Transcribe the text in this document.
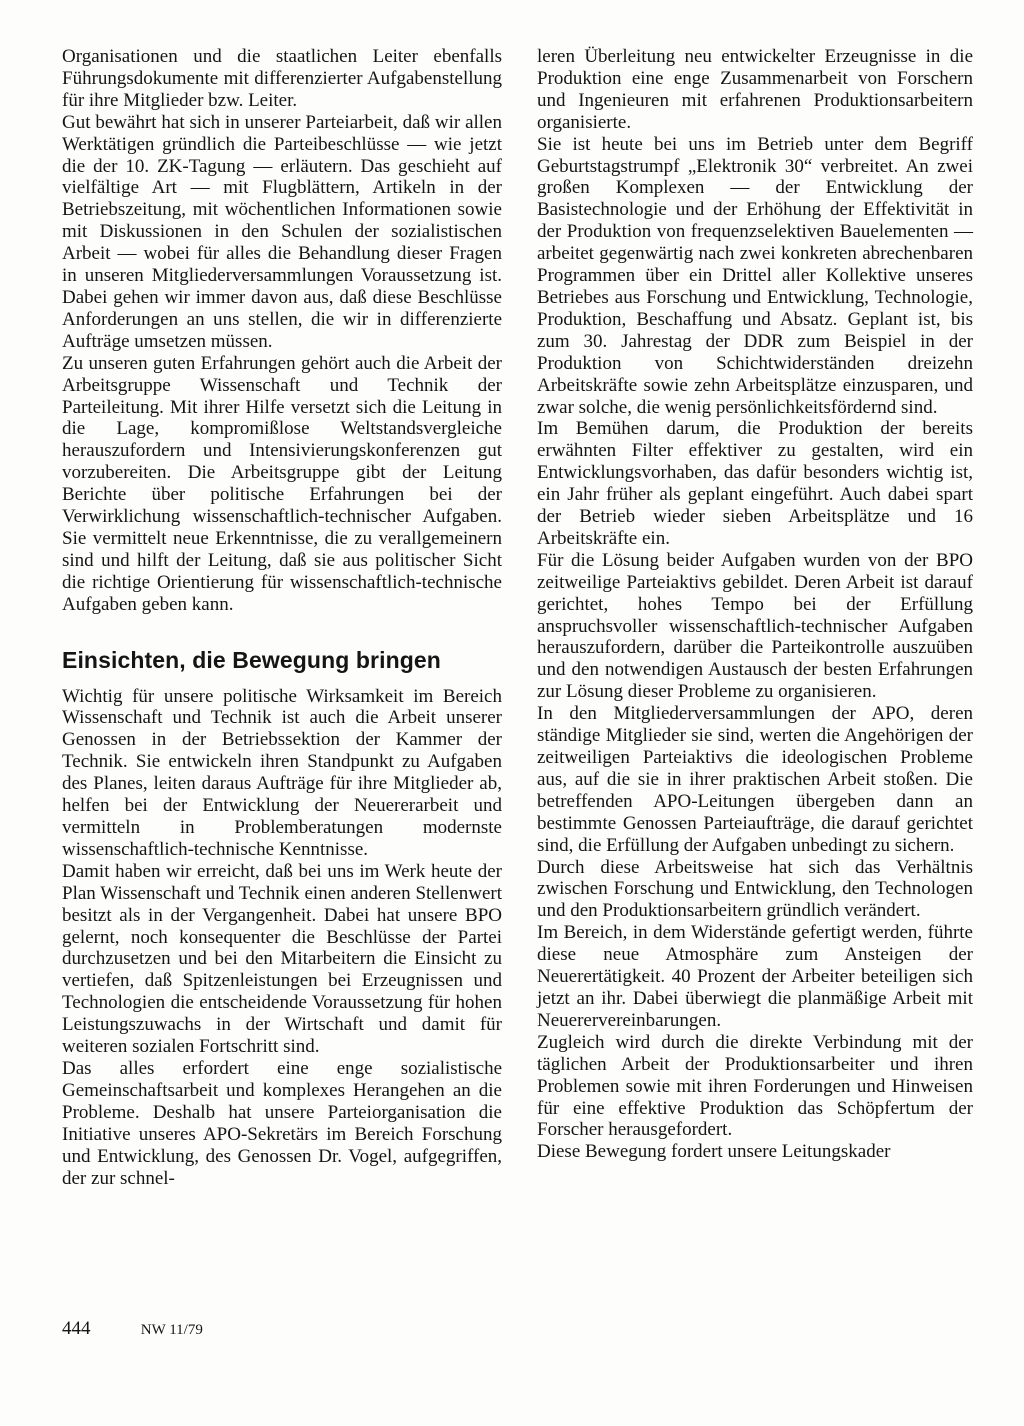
Organisationen und die staatlichen Leiter ebenfalls Führungsdokumente mit differenzierter Aufgabenstellung für ihre Mitglieder bzw. Leiter.

Gut bewährt hat sich in unserer Parteiarbeit, daß wir allen Werktätigen gründlich die Parteibeschlüsse — wie jetzt die der 10. ZK-Tagung — erläutern. Das geschieht auf vielfältige Art — mit Flugblättern, Artikeln in der Betriebszeitung, mit wöchentlichen Informationen sowie mit Diskussionen in den Schulen der sozialistischen Arbeit — wobei für alles die Behandlung dieser Fragen in unseren Mitgliederversammlungen Voraussetzung ist. Dabei gehen wir immer davon aus, daß diese Beschlüsse Anforderungen an uns stellen, die wir in differenzierte Aufträge umsetzen müssen.

Zu unseren guten Erfahrungen gehört auch die Arbeit der Arbeitsgruppe Wissenschaft und Technik der Parteileitung. Mit ihrer Hilfe versetzt sich die Leitung in die Lage, kompromißlose Weltstandsvergleiche herauszufordern und Intensivierungskonferenzen gut vorzubereiten. Die Arbeitsgruppe gibt der Leitung Berichte über politische Erfahrungen bei der Verwirklichung wissenschaftlich-technischer Aufgaben. Sie vermittelt neue Erkenntnisse, die zu verallgemeinern sind und hilft der Leitung, daß sie aus politischer Sicht die richtige Orientierung für wissenschaftlich-technische Aufgaben geben kann.

Einsichten, die Bewegung bringen

Wichtig für unsere politische Wirksamkeit im Bereich Wissenschaft und Technik ist auch die Arbeit unserer Genossen in der Betriebssektion der Kammer der Technik. Sie entwickeln ihren Standpunkt zu Aufgaben des Planes, leiten daraus Aufträge für ihre Mitglieder ab, helfen bei der Entwicklung der Neuererarbeit und vermitteln in Problemberatungen modernste wissenschaftlich-technische Kenntnisse.

Damit haben wir erreicht, daß bei uns im Werk heute der Plan Wissenschaft und Technik einen anderen Stellenwert besitzt als in der Vergangenheit. Dabei hat unsere BPO gelernt, noch konsequenter die Beschlüsse der Partei durchzusetzen und bei den Mitarbeitern die Einsicht zu vertiefen, daß Spitzenleistungen bei Erzeugnissen und Technologien die entscheidende Voraussetzung für hohen Leistungszuwachs in der Wirtschaft und damit für weiteren sozialen Fortschritt sind.

Das alles erfordert eine enge sozialistische Gemeinschaftsarbeit und komplexes Herangehen an die Probleme. Deshalb hat unsere Parteiorganisation die Initiative unseres APO-Sekretärs im Bereich Forschung und Entwicklung, des Genossen Dr. Vogel, aufgegriffen, der zur schnel-

leren Überleitung neu entwickelter Erzeugnisse in die Produktion eine enge Zusammenarbeit von Forschern und Ingenieuren mit erfahrenen Produktionsarbeitern organisierte.

Sie ist heute bei uns im Betrieb unter dem Begriff Geburtstagstrumpf „Elektronik 30“ verbreitet. An zwei großen Komplexen — der Entwicklung der Basistechnologie und der Erhöhung der Effektivität in der Produktion von frequenzselektiven Bauelementen — arbeitet gegenwärtig nach zwei konkreten abrechenbaren Programmen über ein Drittel aller Kollektive unseres Betriebes aus Forschung und Entwicklung, Technologie, Produktion, Beschaffung und Absatz. Geplant ist, bis zum 30. Jahrestag der DDR zum Beispiel in der Produktion von Schichtwiderständen dreizehn Arbeitskräfte sowie zehn Arbeitsplätze einzusparen, und zwar solche, die wenig persönlichkeitsfördernd sind.

Im Bemühen darum, die Produktion der bereits erwähnten Filter effektiver zu gestalten, wird ein Entwicklungsvorhaben, das dafür besonders wichtig ist, ein Jahr früher als geplant eingeführt. Auch dabei spart der Betrieb wieder sieben Arbeitsplätze und 16 Arbeitskräfte ein.

Für die Lösung beider Aufgaben wurden von der BPO zeitweilige Parteiaktivs gebildet. Deren Arbeit ist darauf gerichtet, hohes Tempo bei der Erfüllung anspruchsvoller wissenschaftlich-technischer Aufgaben herauszufordern, darüber die Parteikontrolle auszuüben und den notwendigen Austausch der besten Erfahrungen zur Lösung dieser Probleme zu organisieren.

In den Mitgliederversammlungen der APO, deren ständige Mitglieder sie sind, werten die Angehörigen der zeitweiligen Parteiaktivs die ideologischen Probleme aus, auf die sie in ihrer praktischen Arbeit stoßen. Die betreffenden APO-Leitungen übergeben dann an bestimmte Genossen Parteiaufträge, die darauf gerichtet sind, die Erfüllung der Aufgaben unbedingt zu sichern.

Durch diese Arbeitsweise hat sich das Verhältnis zwischen Forschung und Entwicklung, den Technologen und den Produktionsarbeitern gründlich verändert.

Im Bereich, in dem Widerstände gefertigt werden, führte diese neue Atmosphäre zum Ansteigen der Neuerertätigkeit. 40 Prozent der Arbeiter beteiligen sich jetzt an ihr. Dabei überwiegt die planmäßige Arbeit mit Neuerervereinbarungen.

Zugleich wird durch die direkte Verbindung mit der täglichen Arbeit der Produktionsarbeiter und ihren Problemen sowie mit ihren Forderungen und Hinweisen für eine effektive Produktion das Schöpfertum der Forscher herausgefordert.

Diese Bewegung fordert unsere Leitungskader

444	NW 11/79
